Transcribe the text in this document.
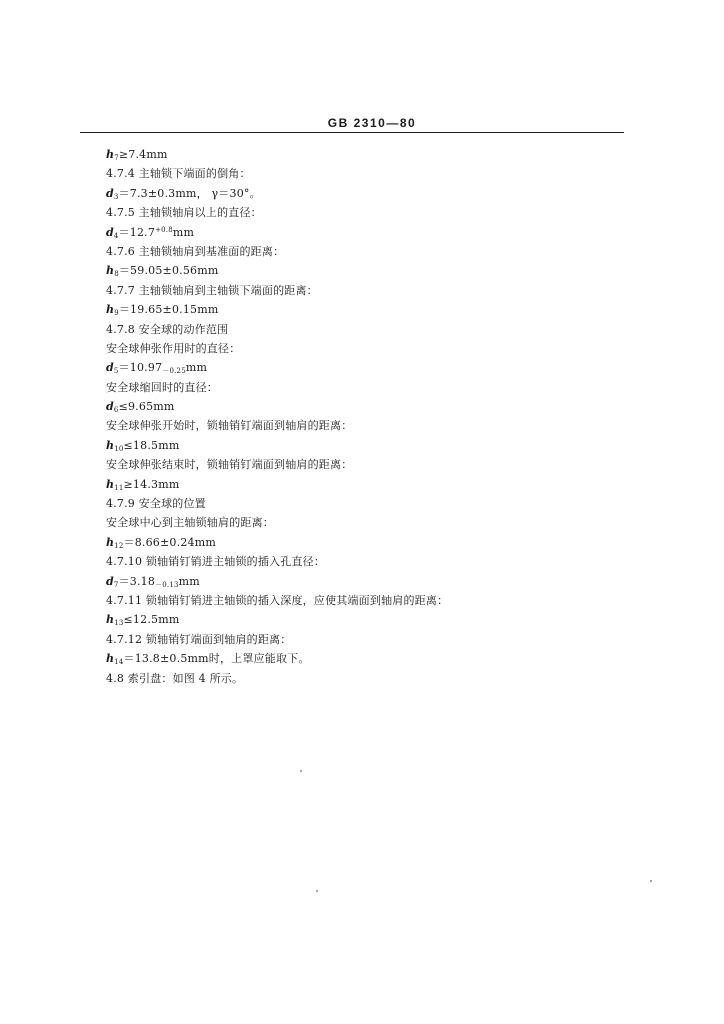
GB 2310—80
$h_7\ge 7.4mm$
4.7.4 主轴锁下端面的倒角：
$d_3=7.3\pm 0.3mm$， γ＝30°。
4.7.5 主轴锁轴肩以上的直径：
$d_4=12.7^{+0.8}mm$
4.7.6 主轴锁轴肩到基准面的距离：
$h_8=59.05\pm 0.56mm$
4.7.7 主轴锁轴肩到主轴锁下端面的距离：
$h_9=19.65\pm 0.15mm$
4.7.8 安全球的动作范围
安全球伸张作用时的直径：
$d_5=10.97_{-0.25}mm$
安全球缩回时的直径：
$d_6\le 9.65mm$
安全球伸张开始时，锁轴销钉端面到轴肩的距离：
$h_{10}\le 18.5mm$
安全球伸张结束时，锁轴销钉端面到轴肩的距离：
$h_{11}\ge 14.3mm$
4.7.9 安全球的位置
安全球中心到主轴锁轴肩的距离：
$h_{12}=8.66\pm 0.24mm$
4.7.10 锁轴销钉销进主轴锁的插入孔直径：
$d_7=3.18_{-0.13}mm$
4.7.11 锁轴销钉销进主轴锁的插入深度，应使其端面到轴肩的距离：
$h_{13}\le 12.5mm$
4.7.12 锁轴销钉端面到轴肩的距离：
$h_{14}=13.8\pm 0.5mm$时，上罩应能取下。
4.8 索引盘：如图 4 所示。
